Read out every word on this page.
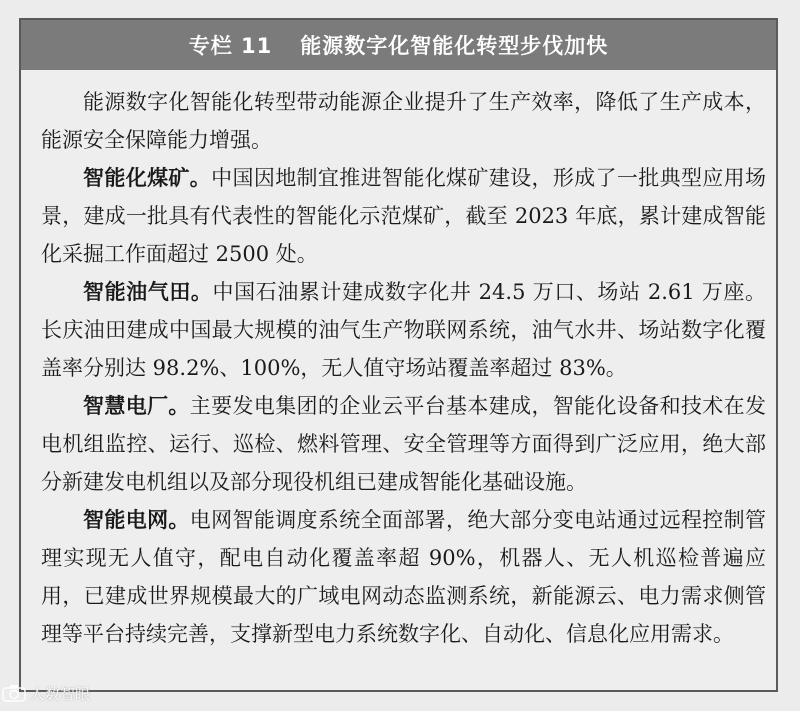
专栏 11 能源数字化智能化转型步伐加快

能源数字化智能化转型带动能源企业提升了生产效率，降低了生产成本，能源安全保障能力增强。

智能化煤矿。中国因地制宜推进智能化煤矿建设，形成了一批典型应用场景，建成一批具有代表性的智能化示范煤矿，截至 2023 年底，累计建成智能化采掘工作面超过 2500 处。

智能油气田。中国石油累计建成数字化井 24.5 万口、场站 2.61 万座。长庆油田建成中国最大规模的油气生产物联网系统，油气水井、场站数字化覆盖率分别达 98.2%、100%，无人值守场站覆盖率超过 83%。

智慧电厂。主要发电集团的企业云平台基本建成，智能化设备和技术在发电机组监控、运行、巡检、燃料管理、安全管理等方面得到广泛应用，绝大部分新建发电机组以及部分现役机组已建成智能化基础设施。

智能电网。电网智能调度系统全面部署，绝大部分变电站通过远程控制管理实现无人值守，配电自动化覆盖率超 90%，机器人、无人机巡检普遍应用，已建成世界规模最大的广域电网动态监测系统，新能源云、电力需求侧管理等平台持续完善，支撑新型电力系统数字化、自动化、信息化应用需求。

人数智眼
